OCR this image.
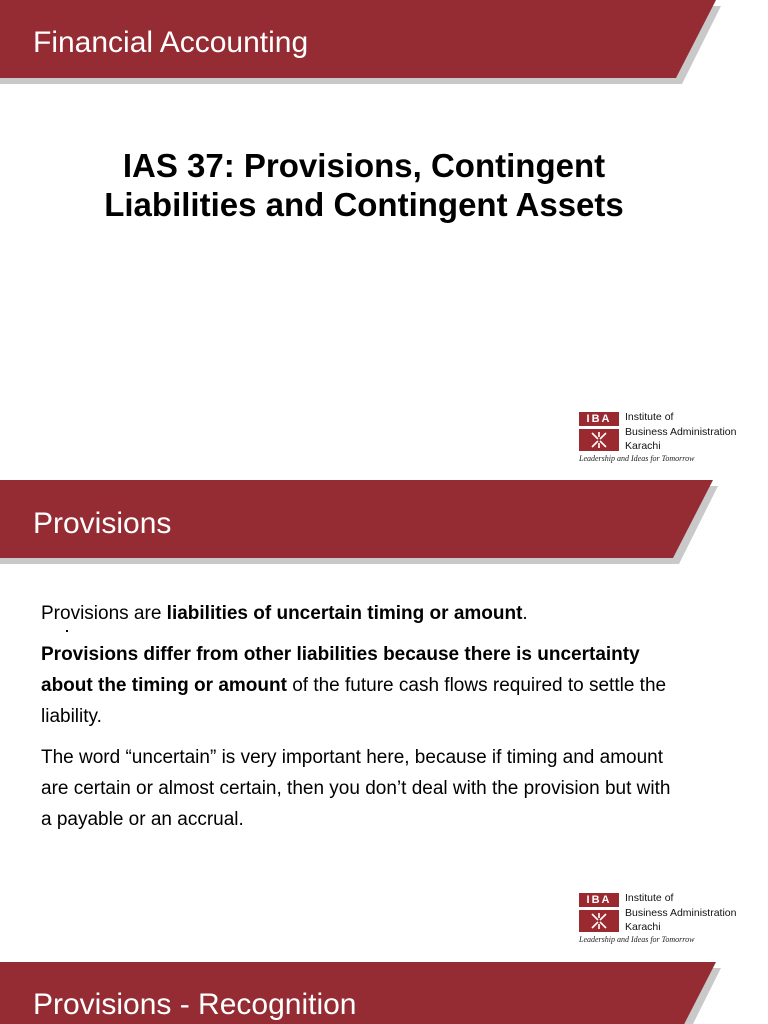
Financial Accounting
IAS 37: Provisions, Contingent
Liabilities and Contingent Assets
IBA	Institute of
Business Administration
Karachi
Leadership and Ideas for Tomorrow
Provisions
IBA	Institute of
Business Administration
Karachi
Leadership and Ideas for Tomorrow

Provisions are liabilities of uncertain timing or amount.

Provisions differ from other liabilities because there is uncertainty about the timing or amount of the future cash flows required to settle the liability.

The word “uncertain” is very important here, because if timing and amount are certain or almost certain, then you don’t deal with the provision but with a payable or an accrual.

Provisions - Recognition
